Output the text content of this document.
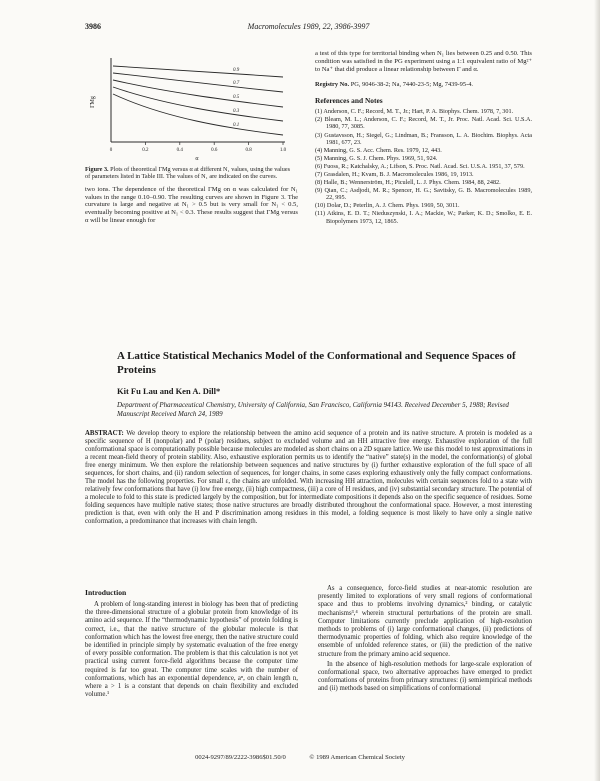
3986	Macromolecules 1989, 22, 3986-3997
0.9
0.7
0.5
0.3
0.1
0	0.2	0.4	0.6	0.8	1.0
ΓMg
α
Figure 3. Plots of theoretical ΓMg versus α at different N₁ values, using the values of parameters listed in Table III. The values of N₁ are indicated on the curves.

two ions. The dependence of the theoretical ΓMg on α was calculated for N₁ values in the range 0.10–0.90. The resulting curves are shown in Figure 3. The curvature is large and negative at N₁ > 0.5 but is very small for N₁ < 0.5, eventually becoming positive at N₁ < 0.3. These results suggest that ΓMg versus α will be linear enough for

a test of this type for territorial binding when N₁ lies between 0.25 and 0.50. This condition was satisfied in the PG experiment using a 1:1 equivalent ratio of Mg²⁺ to Na⁺ that did produce a linear relationship between Γ and α.

Registry No. PG, 9046-38-2; Na, 7440-23-5; Mg, 7439-95-4.

References and Notes

(1) Anderson, C. F.; Record, M. T., Jr.; Hart, P. A. Biophys. Chem. 1978, 7, 301.

(2) Bleam, M. L.; Anderson, C. F.; Record, M. T., Jr. Proc. Natl. Acad. Sci. U.S.A. 1980, 77, 3085.

(3) Gustavsson, H.; Siegel, G.; Lindman, B.; Fransson, L. A. Biochim. Biophys. Acta 1981, 677, 23.

(4) Manning, G. S. Acc. Chem. Res. 1979, 12, 443.

(5) Manning, G. S. J. Chem. Phys. 1969, 51, 924.

(6) Fuoss, R.; Katchalsky, A.; Lifson, S. Proc. Natl. Acad. Sci. U.S.A. 1951, 37, 579.

(7) Grasdalen, H.; Kvam, B. J. Macromolecules 1986, 19, 1913.

(8) Halle, B.; Wennerström, H.; Piculell, L. J. Phys. Chem. 1984, 88, 2482.

(9) Qian, C.; Asdjodi, M. R.; Spencer, H. G.; Savitsky, G. B. Macromolecules 1989, 22, 995.

(10) Dolar, D.; Peterlin, A. J. Chem. Phys. 1969, 50, 3011.

(11) Atkins, E. D. T.; Nieduszynski, I. A.; Mackie, W.; Parker, K. D.; Smolko, E. E. Biopolymers 1973, 12, 1865.

A Lattice Statistical Mechanics Model of the Conformational and Sequence Spaces of Proteins
Kit Fu Lau and Ken A. Dill*
Department of Pharmaceutical Chemistry, University of California, San Francisco, California 94143. Received December 5, 1988; Revised Manuscript Received March 24, 1989

ABSTRACT: We develop theory to explore the relationship between the amino acid sequence of a protein and its native structure. A protein is modeled as a specific sequence of H (nonpolar) and P (polar) residues, subject to excluded volume and an HH attractive free energy. Exhaustive exploration of the full conformational space is computationally possible because molecules are modeled as short chains on a 2D square lattice. We use this model to test approximations in a recent mean-field theory of protein stability. Also, exhaustive exploration permits us to identify the “native” state(s) in the model, the conformation(s) of global free energy minimum. We then explore the relationship between sequences and native structures by (i) further exhaustive exploration of the full space of all sequences, for short chains, and (ii) random selection of sequences, for longer chains, in some cases exploring exhaustively only the fully compact conformations. The model has the following properties. For small ε, the chains are unfolded. With increasing HH attraction, molecules with certain sequences fold to a state with relatively few conformations that have (i) low free energy, (ii) high compactness, (iii) a core of H residues, and (iv) substantial secondary structure. The potential of a molecule to fold to this state is predicted largely by the composition, but for intermediate compositions it depends also on the specific sequence of residues. Some folding sequences have multiple native states; those native structures are broadly distributed throughout the conformational space. However, a most interesting prediction is that, even with only the H and P discrimination among residues in this model, a folding sequence is most likely to have only a single native conformation, a predominance that increases with chain length.

Introduction

A problem of long-standing interest in biology has been that of predicting the three-dimensional structure of a globular protein from knowledge of its amino acid sequence. If the “thermodynamic hypothesis” of protein folding is correct, i.e., that the native structure of the globular molecule is that conformation which has the lowest free energy, then the native structure could be identified in principle simply by systematic evaluation of the free energy of every possible conformation. The problem is that this calculation is not yet practical using current force-field algorithms because the computer time required is far too great. The computer time scales with the number of conformations, which has an exponential dependence, aⁿ, on chain length n, where a > 1 is a constant that depends on chain flexibility and excluded volume.¹

As a consequence, force-field studies at near-atomic resolution are presently limited to explorations of very small regions of conformational space and thus to problems involving dynamics,² binding, or catalytic mechanisms³,⁴ wherein structural perturbations of the protein are small. Computer limitations currently preclude application of high-resolution methods to problems of (i) large conformational changes, (ii) predictions of thermodynamic properties of folding, which also require knowledge of the ensemble of unfolded reference states, or (iii) the prediction of the native structure from the primary amino acid sequence.

In the absence of high-resolution methods for large-scale exploration of conformational space, two alternative approaches have emerged to predict conformations of proteins from primary structures: (i) semiempirical methods and (ii) methods based on simplifications of conformational

0024-9297/89/2222-3986$01.50/0	© 1989 American Chemical Society
